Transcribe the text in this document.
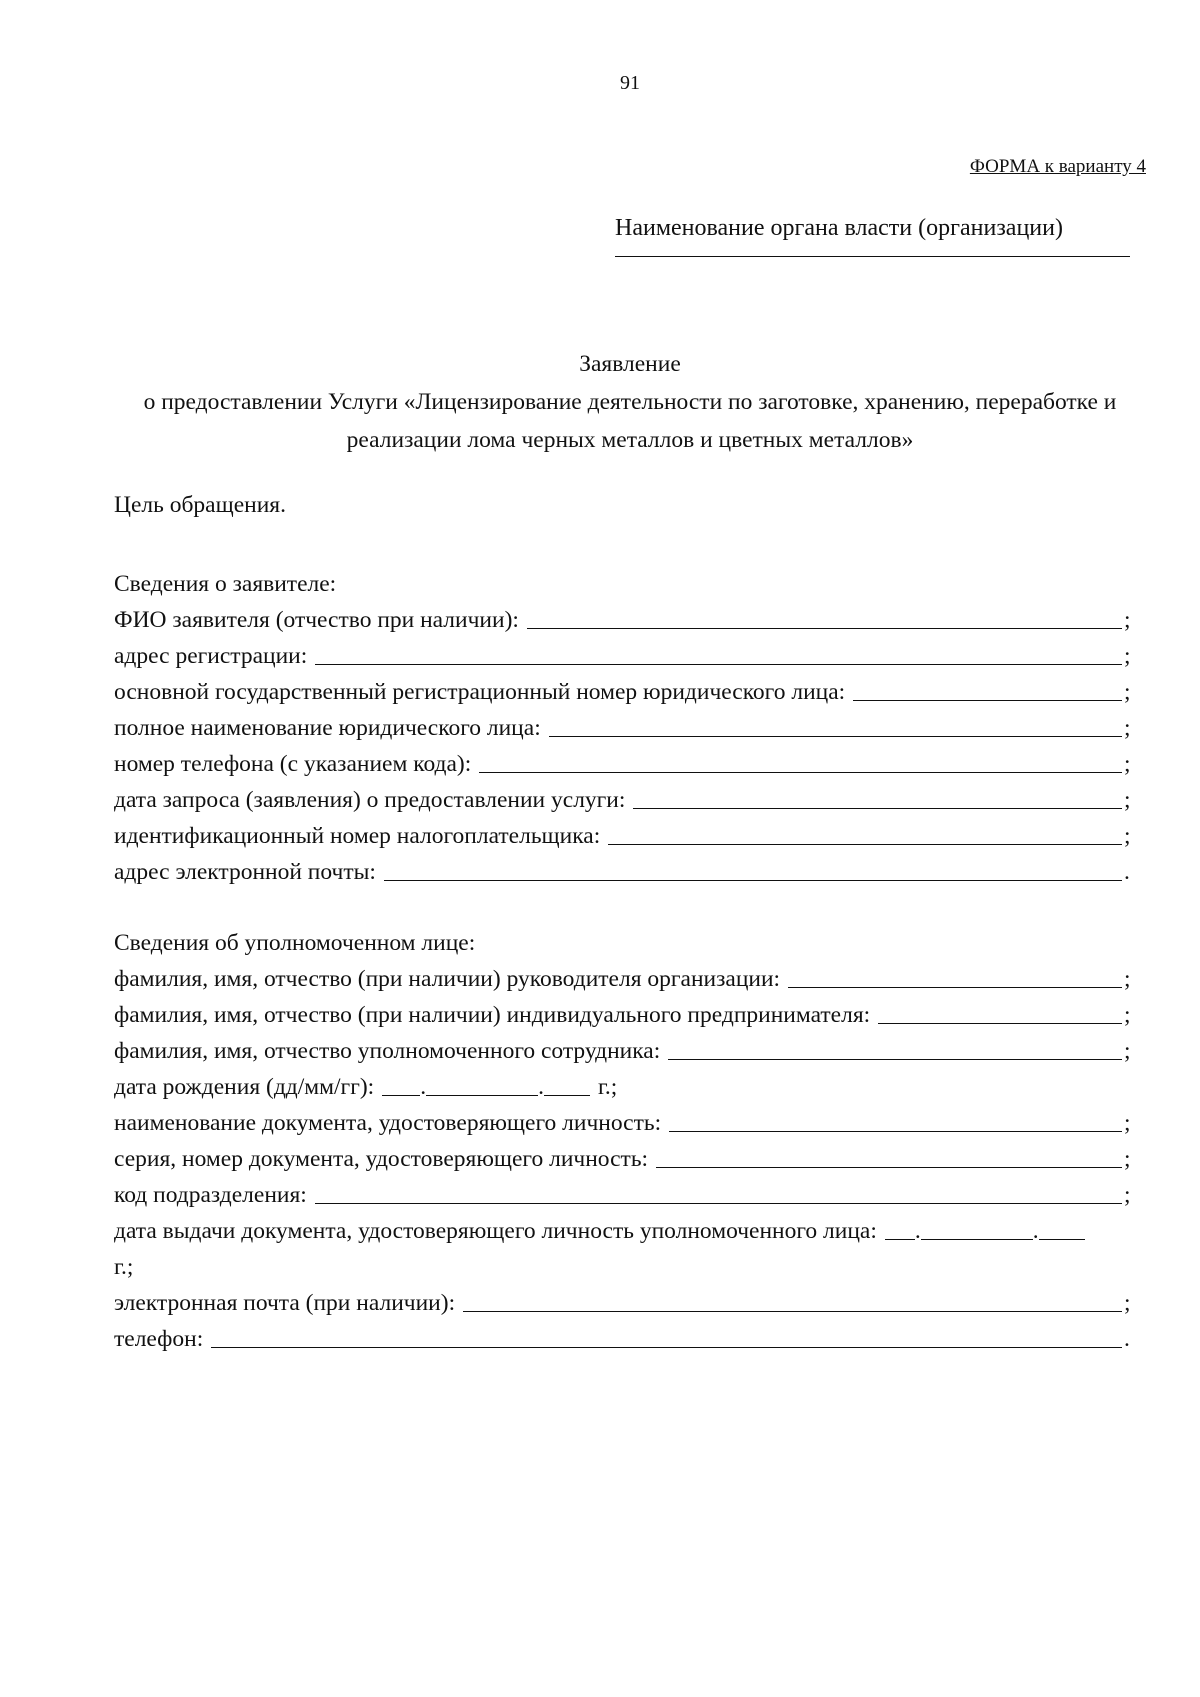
91
ФОРМА к варианту 4
Наименование органа власти (организации)
Заявление
о предоставлении Услуги «Лицензирование деятельности по заготовке, хранению, переработке и
реализации лома черных металлов и цветных металлов»
Цель обращения.
Сведения о заявителе:
ФИО заявителя (отчество при наличии):	;
адрес регистрации:	;
основной государственный регистрационный номер юридического лица:	;
полное наименование юридического лица:	;
номер телефона (с указанием кода):	;
дата запроса (заявления) о предоставлении услуги:	;
идентификационный номер налогоплательщика:	;
адрес электронной почты:	.
Сведения об уполномоченном лице:
фамилия, имя, отчество (при наличии) руководителя организации:	;
фамилия, имя, отчество (при наличии) индивидуального предпринимателя:	;
фамилия, имя, отчество уполномоченного сотрудника:	;
дата рождения (дд/мм/гг): .	. г.;
наименование документа, удостоверяющего личность:	;
серия, номер документа, удостоверяющего личность:	;
код подразделения:	;
дата выдачи документа, удостоверяющего личность уполномоченного лица: .	.
г.;
электронная почта (при наличии):	;
телефон:	.
